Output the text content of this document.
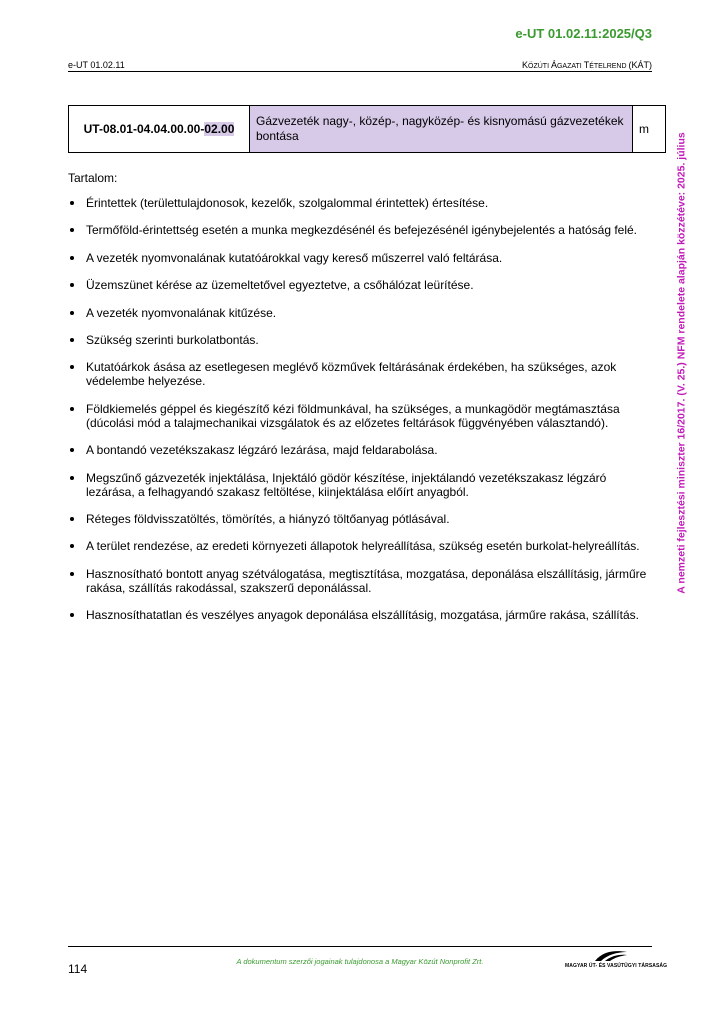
e-UT 01.02.11:2025/Q3
e-UT 01.02.11	KÖZÚTI ÁGAZATI TÉTELREND (KÁT)
UT-08.01-04.04.00.00-02.00	Gázvezeték nagy-, közép-, nagyközép- és kisnyomású gázvezetékek bontása	m
Tartalom:
Érintettek (területtulajdonosok, kezelők, szolgalommal érintettek) értesítése.
Termőföld-érintettség esetén a munka megkezdésénél és befejezésénél igénybejelentés a hatóság felé.
A vezeték nyomvonalának kutatóárokkal vagy kereső műszerrel való feltárása.
Üzemszünet kérése az üzemeltetővel egyeztetve, a csőhálózat leürítése.
A vezeték nyomvonalának kitűzése.
Szükség szerinti burkolatbontás.
Kutatóárkok ásása az esetlegesen meglévő közművek feltárásának érdekében, ha szükséges, azok védelembe helyezése.
Földkiemelés géppel és kiegészítő kézi földmunkával, ha szükséges, a munkagödör megtámasztása (dúcolási mód a talajmechanikai vizsgálatok és az előzetes feltárások függvényében választandó).
A bontandó vezetékszakasz légzáró lezárása, majd feldarabolása.
Megszűnő gázvezeték injektálása, Injektáló gödör készítése, injektálandó vezetékszakasz légzáró lezárása, a felhagyandó szakasz feltöltése, kiinjektálása előírt anyagból.
Réteges földvisszatöltés, tömörítés, a hiányzó töltőanyag pótlásával.
A terület rendezése, az eredeti környezeti állapotok helyreállítása, szükség esetén burkolat-helyreállítás.
Hasznosítható bontott anyag szétválogatása, megtisztítása, mozgatása, deponálása elszállításig, járműre rakása, szállítás rakodással, szakszerű deponálással.
Hasznosíthatatlan és veszélyes anyagok deponálása elszállításig, mozgatása, járműre rakása, szállítás.
A nemzeti fejlesztési miniszter 16/2017. (V. 25.) NFM rendelete alapján közzétéve: 2025. július
114
A dokumentum szerzői jogainak tulajdonosa a Magyar Közút Nonprofit Zrt.	MAGYAR ÚT- ÉS VASÚTÜGYI TÁRSASÁG
